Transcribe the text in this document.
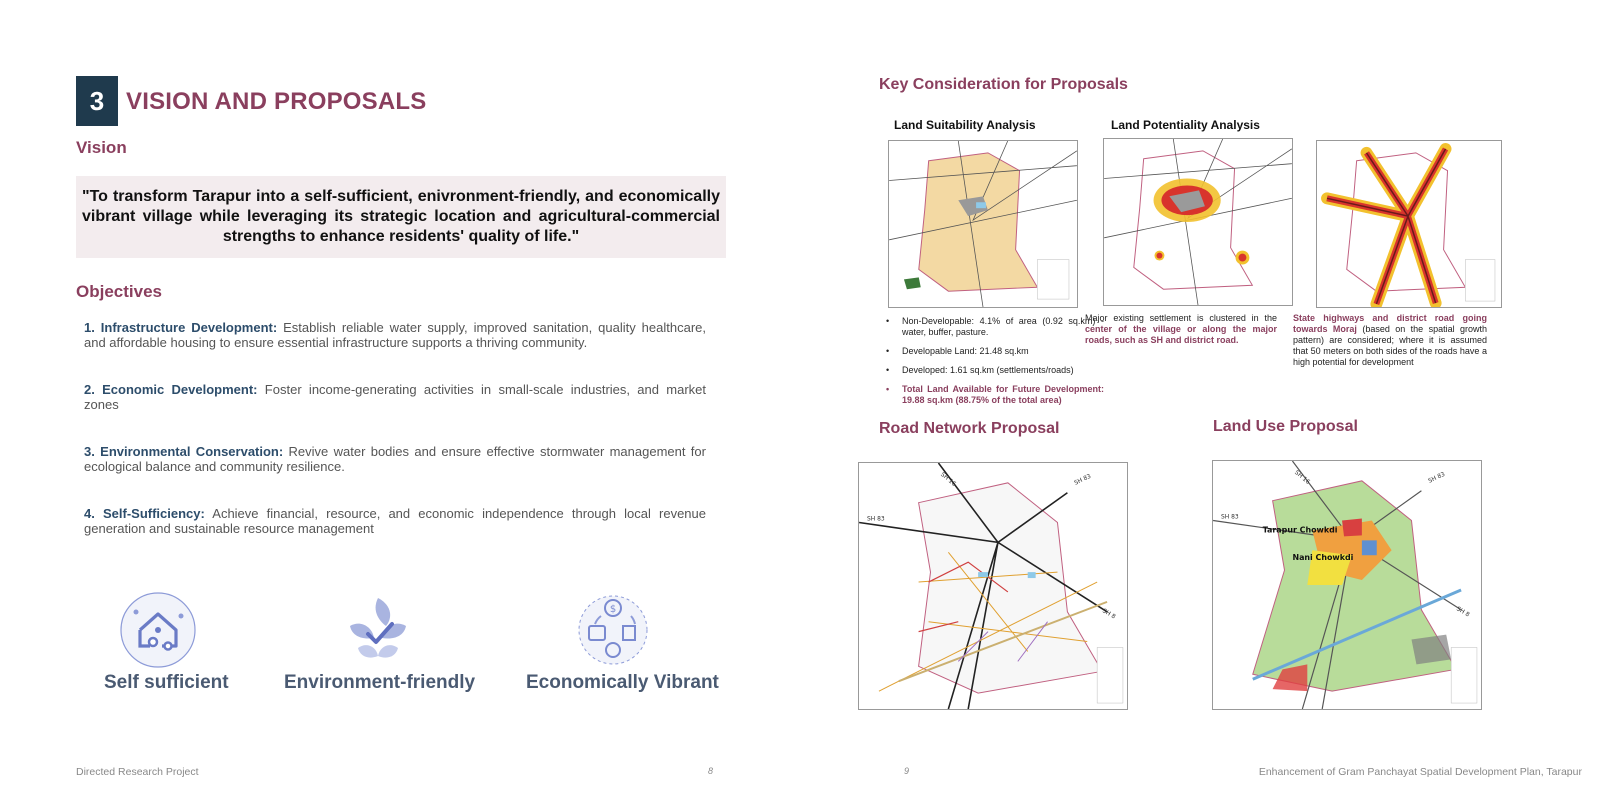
3 VISION AND PROPOSALS
Vision

"To transform Tarapur into a self-sufficient, enivronment-friendly, and economically vibrant village while leveraging its strategic location and agricultural-commercial strengths to enhance residents' quality of life."

Objectives
1. Infrastructure Development: Establish reliable water supply, improved sanitation, quality healthcare, and affordable housing to ensure essential infrastructure supports a thriving community.
2. Economic Development: Foster income-generating activities in small-scale industries, and market zones
3. Environmental Conservation: Revive water bodies and ensure effective stormwater management for ecological balance and community resilience.
4. Self-Sufficiency: Achieve financial, resource, and economic independence through local revenue generation and sustainable resource management
Self sufficient	Environment-friendly
$
Economically Vibrant
Directed Research Project	8
Key Consideration for Proposals
Land Suitability Analysis	Land Potentiality Analysis
• Non-Developable: 4.1% of area (0.92 sq.km) - water, buffer, pasture.
• Developable Land: 21.48 sq.km
• Developed: 1.61 sq.km (settlements/roads)
• Total Land Available for Future Development: 19.88 sq.km (88.75% of the total area)
Major existing settlement is clustered in the center of the village or along the major roads, such as SH and district road.
State highways and district road going towards Moraj (based on the spatial growth pattern) are considered; where it is assumed that 50 meters on both sides of the roads have a high potential for development
Road Network Proposal	Land Use Proposal
SH 16	SH 83
SH 83
SH 8
Tarapur Chowkdi
Nani Chowkdi
SH 16	SH 83
SH 83
SH 8
9	Enhancement of Gram Panchayat Spatial Development Plan, Tarapur
